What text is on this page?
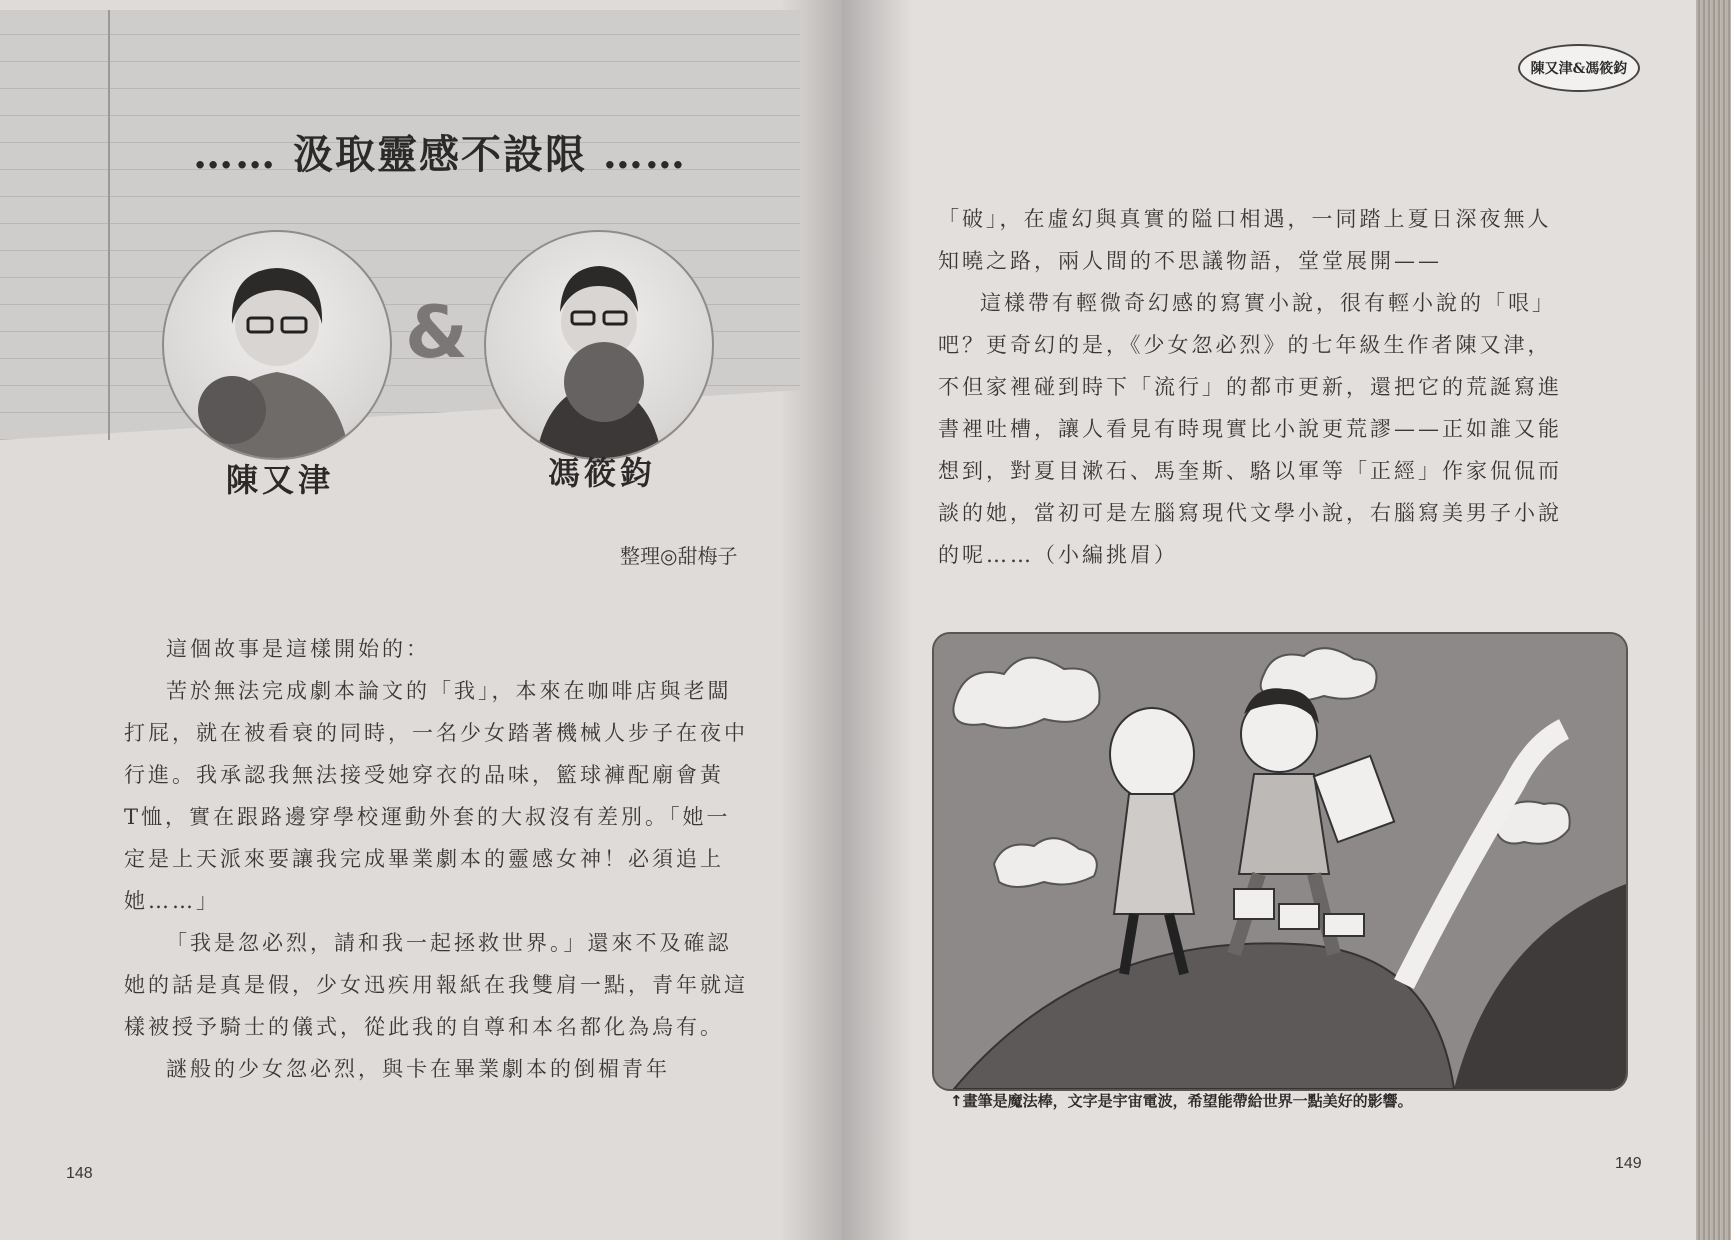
…… 汲取靈感不設限 ……
&
陳又津	馮筱鈞
整理◎甜梅子

這個故事是這樣開始的：

苦於無法完成劇本論文的「我」，本來在咖啡店與老闆

打屁，就在被看衰的同時，一名少女踏著機械人步子在夜中

行進。我承認我無法接受她穿衣的品味，籃球褲配廟會黃

T恤，實在跟路邊穿學校運動外套的大叔沒有差別。「她一

定是上天派來要讓我完成畢業劇本的靈感女神！必須追上

她……」

「我是忽必烈，請和我一起拯救世界。」還來不及確認

她的話是真是假，少女迅疾用報紙在我雙肩一點，青年就這

樣被授予騎士的儀式，從此我的自尊和本名都化為烏有。

謎般的少女忽必烈，與卡在畢業劇本的倒楣青年

148
陳又津&馮筱鈞

「破」，在虛幻與真實的隘口相遇，一同踏上夏日深夜無人

知曉之路，兩人間的不思議物語，堂堂展開——

這樣帶有輕微奇幻感的寫實小說，很有輕小說的「哏」

吧？更奇幻的是，《少女忽必烈》的七年級生作者陳又津，

不但家裡碰到時下「流行」的都市更新，還把它的荒誕寫進

書裡吐槽，讓人看見有時現實比小說更荒謬——正如誰又能

想到，對夏目漱石、馬奎斯、駱以軍等「正經」作家侃侃而

談的她，當初可是左腦寫現代文學小說，右腦寫美男子小說

的呢……（小編挑眉）

↑畫筆是魔法棒，文字是宇宙電波，希望能帶給世界一點美好的影響。
149
